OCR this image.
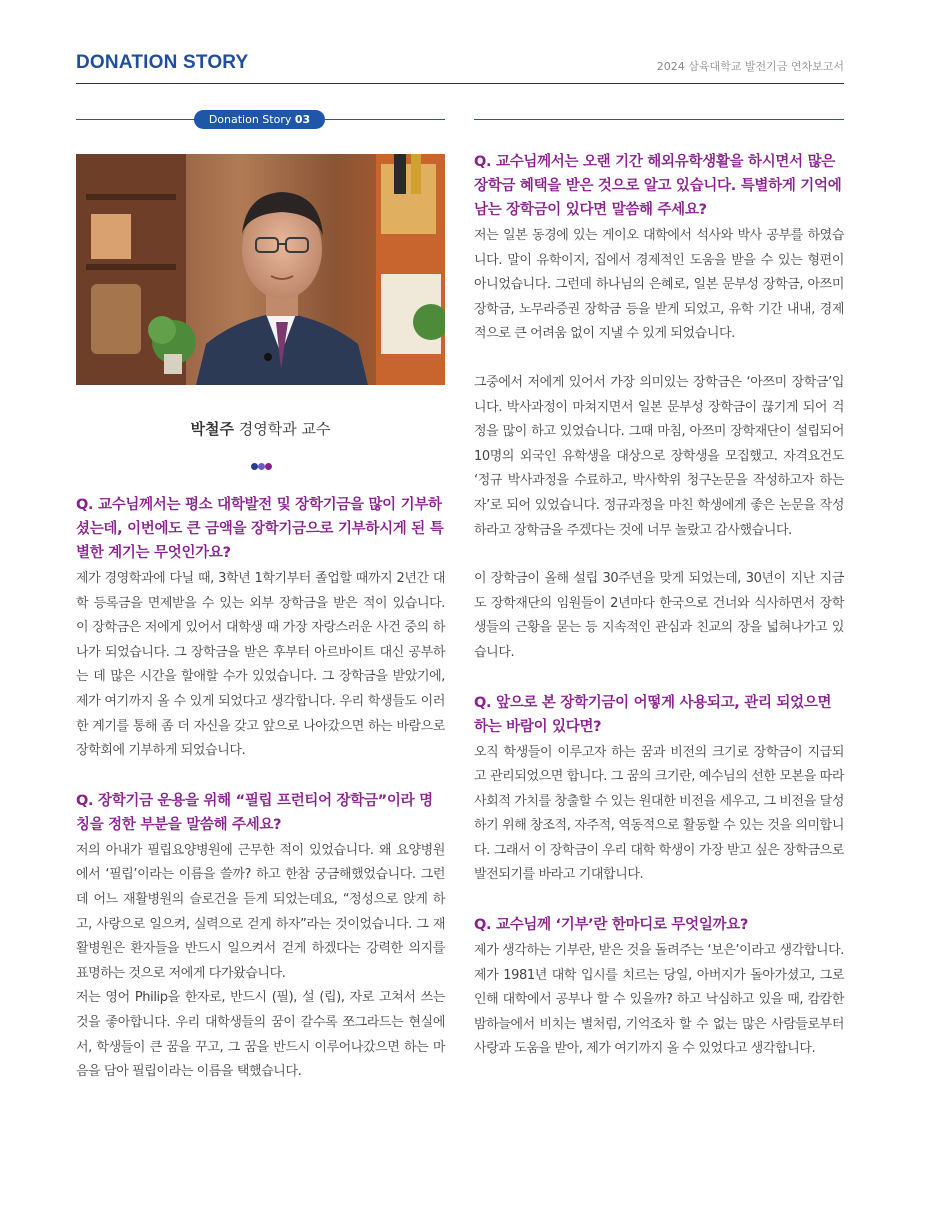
DONATION STORY	2024 삼육대학교 발전기금 연차보고서
Donation Story 03
박철주 경영학과 교수

Q. 교수님께서는 평소 대학발전 및 장학기금을 많이 기부하셨는데, 이번에도 큰 금액을 장학기금으로 기부하시게 된 특별한 계기는 무엇인가요?

제가 경영학과에 다닐 때, 3학년 1학기부터 졸업할 때까지 2년간 대학 등록금을 면제받을 수 있는 외부 장학금을 받은 적이 있습니다. 이 장학금은 저에게 있어서 대학생 때 가장 자랑스러운 사건 중의 하나가 되었습니다. 그 장학금을 받은 후부터 아르바이트 대신 공부하는 데 많은 시간을 할애할 수가 있었습니다. 그 장학금을 받았기에, 제가 여기까지 올 수 있게 되었다고 생각합니다. 우리 학생들도 이러한 계기를 통해 좀 더 자신을 갖고 앞으로 나아갔으면 하는 바람으로 장학회에 기부하게 되었습니다.

Q. 장학기금 운용을 위해 “필립 프런티어 장학금”이라 명칭을 정한 부분을 말씀해 주세요?

저의 아내가 필립요양병원에 근무한 적이 있었습니다. 왜 요양병원에서 ‘필립’이라는 이름을 쓸까? 하고 한참 궁금해했었습니다. 그런데 어느 재활병원의 슬로건을 듣게 되었는데요, “정성으로 앉게 하고, 사랑으로 일으켜, 실력으로 걷게 하자”라는 것이었습니다. 그 재활병원은 환자들을 반드시 일으켜서 걷게 하겠다는 강력한 의지를 표명하는 것으로 저에게 다가왔습니다.

저는 영어 Philip을 한자로, 반드시 (필), 설 (립), 자로 고쳐서 쓰는 것을 좋아합니다. 우리 대학생들의 꿈이 갈수록 쪼그라드는 현실에서, 학생들이 큰 꿈을 꾸고, 그 꿈을 반드시 이루어나갔으면 하는 마음을 담아 필립이라는 이름을 택했습니다.

Q. 교수님께서는 오랜 기간 해외유학생활을 하시면서 많은 장학금 혜택을 받은 것으로 알고 있습니다. 특별하게 기억에 남는 장학금이 있다면 말씀해 주세요?

저는 일본 동경에 있는 게이오 대학에서 석사와 박사 공부를 하였습니다. 말이 유학이지, 집에서 경제적인 도움을 받을 수 있는 형편이 아니었습니다. 그런데 하나님의 은혜로, 일본 문부성 장학금, 아쯔미 장학금, 노무라증권 장학금 등을 받게 되었고, 유학 기간 내내, 경제적으로 큰 어려움 없이 지낼 수 있게 되었습니다.

그중에서 저에게 있어서 가장 의미있는 장학금은 ‘아쯔미 장학금’입니다. 박사과정이 마쳐지면서 일본 문부성 장학금이 끊기게 되어 걱정을 많이 하고 있었습니다. 그때 마침, 아쯔미 장학재단이 설립되어 10명의 외국인 유학생을 대상으로 장학생을 모집했고. 자격요건도 ‘정규 박사과정을 수료하고, 박사학위 청구논문을 작성하고자 하는 자’로 되어 있었습니다. 정규과정을 마친 학생에게 좋은 논문을 작성하라고 장학금을 주겠다는 것에 너무 놀랐고 감사했습니다.

이 장학금이 올해 설립 30주년을 맞게 되었는데, 30년이 지난 지금도 장학재단의 임원들이 2년마다 한국으로 건너와 식사하면서 장학생들의 근황을 묻는 등 지속적인 관심과 친교의 장을 넓혀나가고 있습니다.

Q. 앞으로 본 장학기금이 어떻게 사용되고, 관리 되었으면 하는 바람이 있다면?

오직 학생들이 이루고자 하는 꿈과 비전의 크기로 장학금이 지급되고 관리되었으면 합니다. 그 꿈의 크기란, 예수님의 선한 모본을 따라 사회적 가치를 창출할 수 있는 원대한 비전을 세우고, 그 비전을 달성하기 위해 창조적, 자주적, 역동적으로 활동할 수 있는 것을 의미합니다. 그래서 이 장학금이 우리 대학 학생이 가장 받고 싶은 장학금으로 발전되기를 바라고 기대합니다.

Q. 교수님께 ‘기부’란 한마디로 무엇일까요?

제가 생각하는 기부란, 받은 것을 돌려주는 ‘보은’이라고 생각합니다. 제가 1981년 대학 입시를 치르는 당일, 아버지가 돌아가셨고, 그로 인해 대학에서 공부나 할 수 있을까? 하고 낙심하고 있을 때, 캄캄한 밤하늘에서 비치는 별처럼, 기억조차 할 수 없는 많은 사람들로부터 사랑과 도움을 받아, 제가 여기까지 올 수 있었다고 생각합니다.
